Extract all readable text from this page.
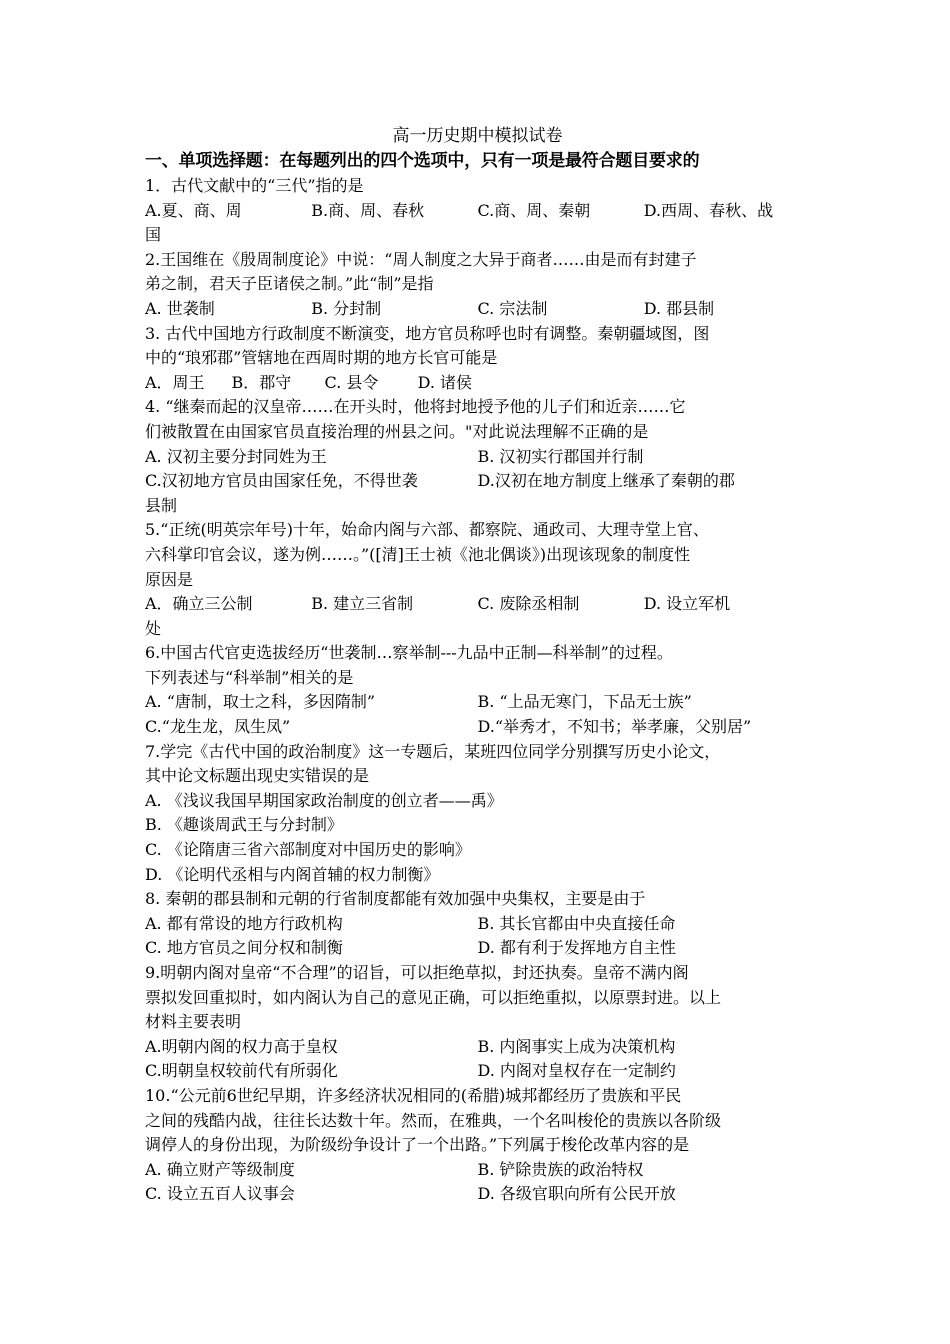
高一历史期中模拟试卷
一、单项选择题：在每题列出的四个选项中，只有一项是最符合题目要求的
1．古代文献中的“三代”指的是
A.夏、商、周	B.商、周、春秋	C.商、周、秦朝	D.西周、春秋、战
国
2.王国维在《殷周制度论》中说：“周人制度之大异于商者……由是而有封建子
弟之制，君天子臣诸侯之制。”此“制”是指
A. 世袭制	B. 分封制	C. 宗法制	D. 郡县制
3. 古代中国地方行政制度不断演变，地方官员称呼也时有调整。秦朝疆域图，图
中的“琅邪郡”管辖地在西周时期的地方长官可能是
A．周王	B．郡守	C. 县令	D. 诸侯
4. “继秦而起的汉皇帝……在开头时，他将封地授予他的儿子们和近亲……它
们被散置在由国家官员直接治理的州县之问。"对此说法理解不正确的是
A. 汉初主要分封同姓为王	B. 汉初实行郡国并行制
C.汉初地方官员由国家任免，不得世袭	D.汉初在地方制度上继承了秦朝的郡
县制
5.“正统(明英宗年号)十年，始命内阁与六部、都察院、通政司、大理寺堂上官、
六科掌印官会议，遂为例……。”([清]王士祯《池北偶谈》)出现该现象的制度性
原因是
A．确立三公制	B. 建立三省制	C. 废除丞相制	D. 设立军机
处
6.中国古代官吏选拔经历“世袭制…察举制---九品中正制—科举制”的过程。
下列表述与“科举制”相关的是
A. “唐制，取士之科，多因隋制”	B. “上品无寒门，下品无士族”
C.“龙生龙，凤生凤”	D.“举秀才，不知书；举孝廉，父别居”
7.学完《古代中国的政治制度》这一专题后，某班四位同学分别撰写历史小论文，
其中论文标题出现史实错误的是
A. 《浅议我国早期国家政治制度的创立者——禹》
B. 《趣谈周武王与分封制》
C. 《论隋唐三省六部制度对中国历史的影响》
D. 《论明代丞相与内阁首辅的权力制衡》
8. 秦朝的郡县制和元朝的行省制度都能有效加强中央集权，主要是由于
A. 都有常设的地方行政机构	B. 其长官都由中央直接任命
C. 地方官员之间分权和制衡	D. 都有利于发挥地方自主性
9.明朝内阁对皇帝“不合理”的诏旨，可以拒绝草拟，封还执奏。皇帝不满内阁
票拟发回重拟时，如内阁认为自己的意见正确，可以拒绝重拟，以原票封进。以上
材料主要表明
A.明朝内阁的权力高于皇权	B. 内阁事实上成为决策机构
C.明朝皇权较前代有所弱化	D. 内阁对皇权存在一定制约
10.“公元前6世纪早期，许多经济状况相同的(希腊)城邦都经历了贵族和平民
之间的残酷内战，往往长达数十年。然而，在雅典，一个名叫梭伦的贵族以各阶级
调停人的身份出现，为阶级纷争设计了一个出路。”下列属于梭伦改革内容的是
A. 确立财产等级制度	B. 铲除贵族的政治特权
C. 设立五百人议事会	D. 各级官职向所有公民开放
